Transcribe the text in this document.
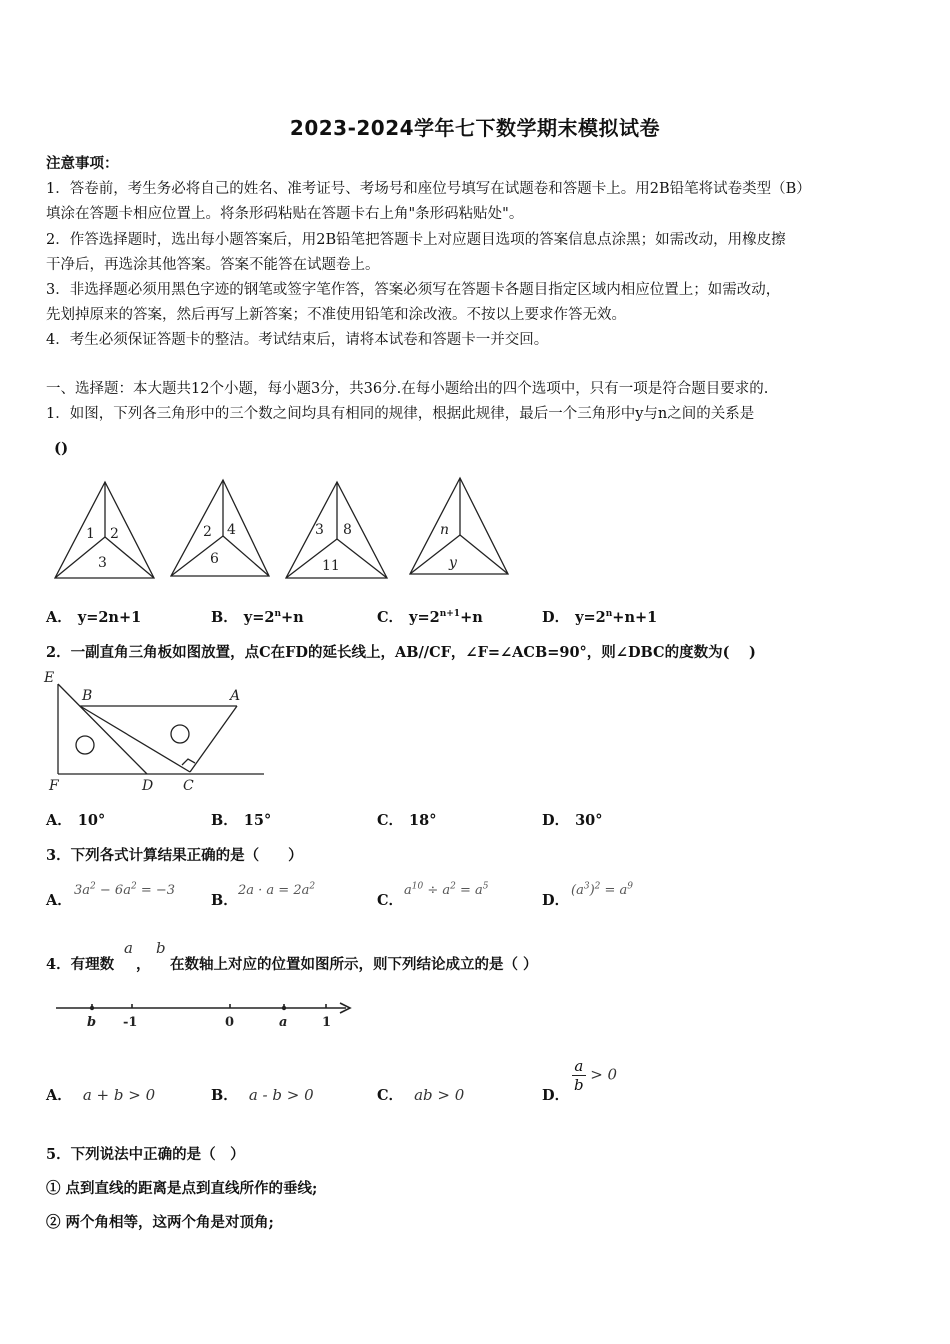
2023-2024学年七下数学期末模拟试卷
注意事项：
1．答卷前，考生务必将自己的姓名、准考证号、考场号和座位号填写在试题卷和答题卡上。用2B铅笔将试卷类型（B）
填涂在答题卡相应位置上。将条形码粘贴在答题卡右上角"条形码粘贴处"。
2．作答选择题时，选出每小题答案后，用2B铅笔把答题卡上对应题目选项的答案信息点涂黑；如需改动，用橡皮擦
干净后，再选涂其他答案。答案不能答在试题卷上。
3．非选择题必须用黑色字迹的钢笔或签字笔作答，答案必须写在答题卡各题目指定区域内相应位置上；如需改动，
先划掉原来的答案，然后再写上新答案；不准使用铅笔和涂改液。不按以上要求作答无效。
4．考生必须保证答题卡的整洁。考试结束后，请将本试卷和答题卡一并交回。
一、选择题：本大题共12个小题，每小题3分，共36分.在每小题给出的四个选项中，只有一项是符合题目要求的.
1．如图，下列各三角形中的三个数之间均具有相同的规律，根据此规律，最后一个三角形中y与n之间的关系是
()
1 2
3
2 4
6
3 8
11
n
y
A． y=2n+1	B． $y=2^n+n$	C． $y=2^{n+1}+n$	D． $y=2^n+n+1$
2．一副直角三角板如图放置，点C在FD的延长线上，AB//CF，∠F=∠ACB=90°，则∠DBC的度数为(　 )
E
B	A
F	D C
A． 10°	B． 15°	C． 18°	D． 30°
3．下列各式计算结果正确的是（　　）
A．
$3a^2 - 6a^2 = -3$
B．
$2a \cdot a = 2a^2$
C．
$a^{10} \div a^2 = a^5$
D．
$(a^3)^2 = a^9$
4．有理数
a
，
b
在数轴上对应的位置如图所示，则下列结论成立的是（ ）
b -1	0	a	1
A． a + b > 0	B． a - b > 0	C． ab > 0	D．
$\frac{a}{b} > 0$
5．下列说法中正确的是（　）
① 点到直线的距离是点到直线所作的垂线;
② 两个角相等，这两个角是对顶角;
